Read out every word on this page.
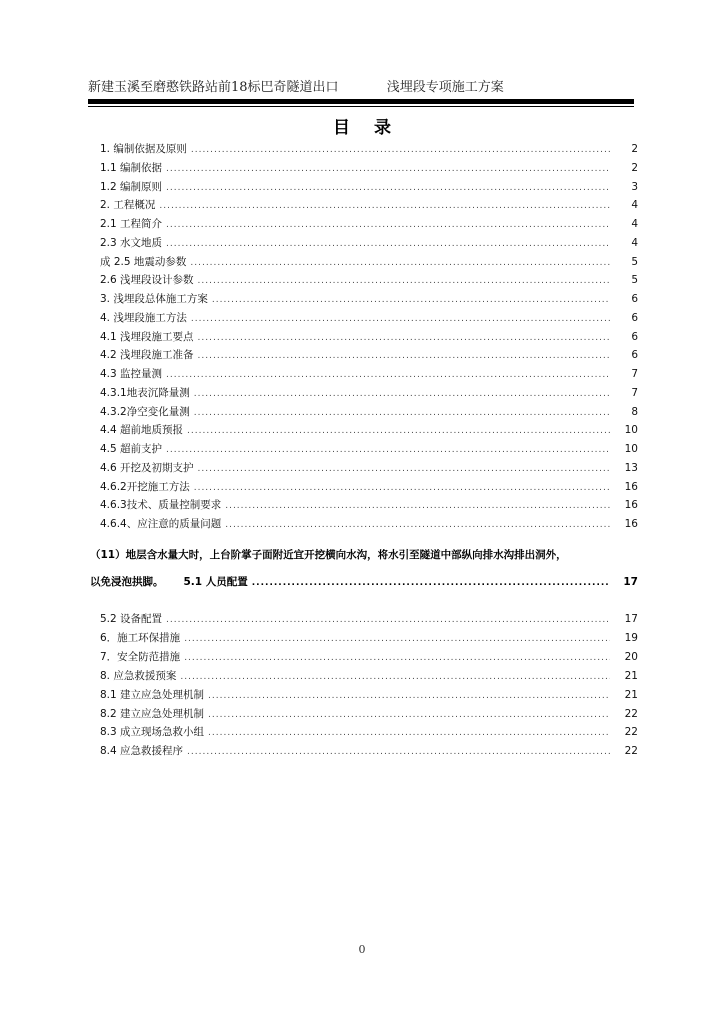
新建玉溪至磨憨铁路站前18标巴奇隧道出口	浅埋段专项施工方案
目录
1. 编制依据及原则 .....	2
1.1 编制依据 .....	2
1.2 编制原则 .....	3
2. 工程概况 .....	4
2.1 工程简介 .....	4
2.3 水文地质 .....	4
成 2.5 地震动参数 .....	5
2.6 浅埋段设计参数 .....	5
3. 浅埋段总体施工方案 .....	6
4. 浅埋段施工方法 .....	6
4.1 浅埋段施工要点 .....	6
4.2 浅埋段施工准备 .....	6
4.3 监控量测 .....	7
4.3.1地表沉降量测 .....	7
4.3.2净空变化量测 .....	8
4.4 超前地质预报 .....	10
4.5 超前支护 .....	10
4.6 开挖及初期支护 .....	13
4.6.2开挖施工方法 .....	16
4.6.3技术、质量控制要求 .....	16
4.6.4、应注意的质量问题 .....	16
（11）地层含水量大时，上台阶掌子面附近宜开挖横向水沟，将水引至隧道中部纵向排水沟排出洞外，
以免浸泡拱脚。 5.1 人员配置 .....	17
5.2 设备配置 .....	17
6．施工环保措施 .....	19
7．安全防范措施 .....	20
8. 应急救援预案 .....	21
8.1 建立应急处理机制 .....	21
8.2 建立应急处理机制 .....	22
8.3 成立现场急救小组 .....	22
8.4 应急救援程序 .....	22
0
